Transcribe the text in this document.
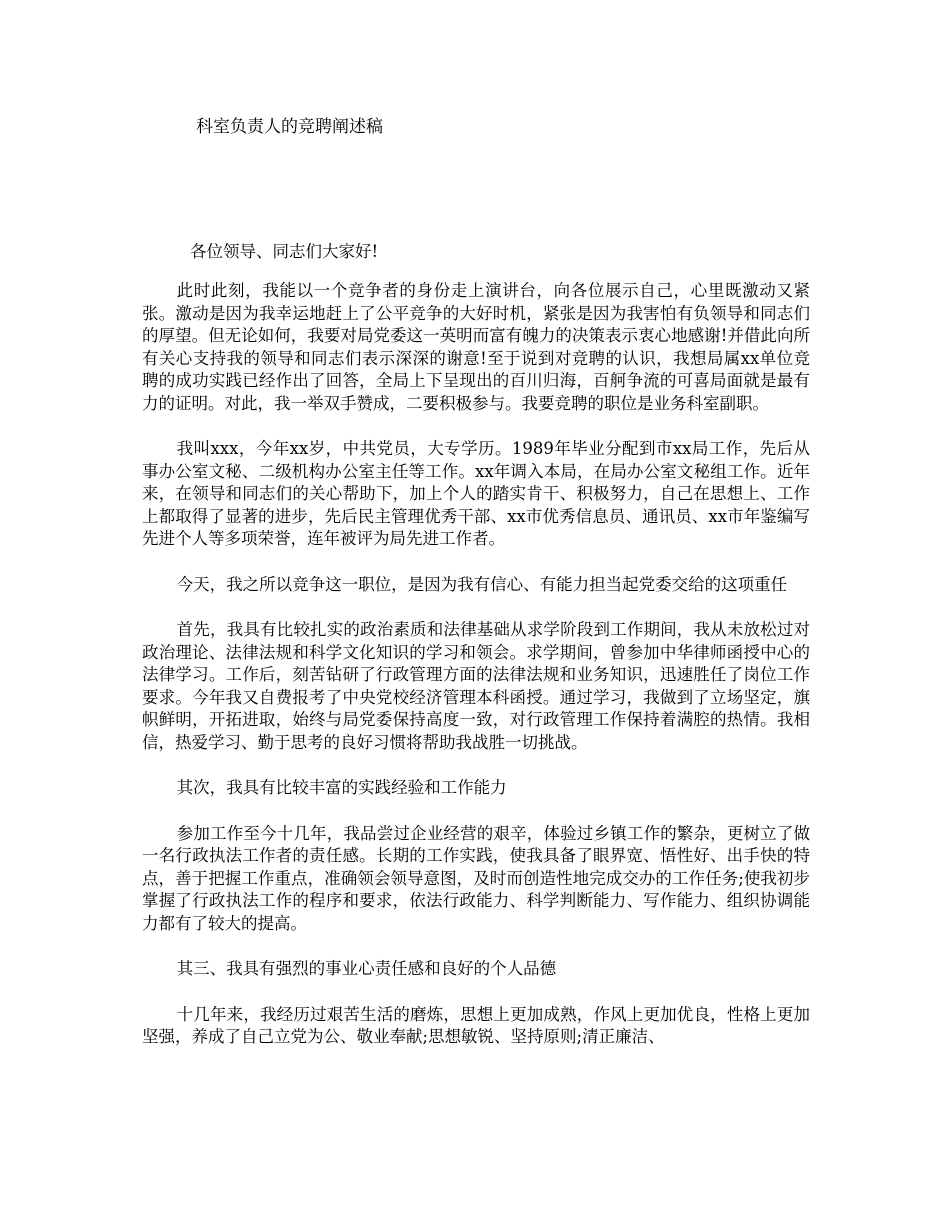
科室负责人的竞聘阐述稿
各位领导、同志们大家好!

此时此刻，我能以一个竞争者的身份走上演讲台，向各位展示自己，心里既激动又紧张。激动是因为我幸运地赶上了公平竞争的大好时机，紧张是因为我害怕有负领导和同志们的厚望。但无论如何，我要对局党委这一英明而富有魄力的决策表示衷心地感谢!并借此向所有关心支持我的领导和同志们表示深深的谢意!至于说到对竞聘的认识，我想局属xx单位竞聘的成功实践已经作出了回答，全局上下呈现出的百川归海，百舸争流的可喜局面就是最有力的证明。对此，我一举双手赞成，二要积极参与。我要竞聘的职位是业务科室副职。

我叫xxx，今年xx岁，中共党员，大专学历。1989年毕业分配到市xx局工作，先后从事办公室文秘、二级机构办公室主任等工作。xx年调入本局，在局办公室文秘组工作。近年来，在领导和同志们的关心帮助下，加上个人的踏实肯干、积极努力，自己在思想上、工作上都取得了显著的进步，先后民主管理优秀干部、xx市优秀信息员、通讯员、xx市年鉴编写先进个人等多项荣誉，连年被评为局先进工作者。

今天，我之所以竞争这一职位，是因为我有信心、有能力担当起党委交给的这项重任

首先，我具有比较扎实的政治素质和法律基础从求学阶段到工作期间，我从未放松过对政治理论、法律法规和科学文化知识的学习和领会。求学期间，曾参加中华律师函授中心的法律学习。工作后，刻苦钻研了行政管理方面的法律法规和业务知识，迅速胜任了岗位工作要求。今年我又自费报考了中央党校经济管理本科函授。通过学习，我做到了立场坚定，旗帜鲜明，开拓进取，始终与局党委保持高度一致，对行政管理工作保持着满腔的热情。我相信，热爱学习、勤于思考的良好习惯将帮助我战胜一切挑战。

其次，我具有比较丰富的实践经验和工作能力

参加工作至今十几年，我品尝过企业经营的艰辛，体验过乡镇工作的繁杂，更树立了做一名行政执法工作者的责任感。长期的工作实践，使我具备了眼界宽、悟性好、出手快的特点，善于把握工作重点，准确领会领导意图，及时而创造性地完成交办的工作任务;使我初步掌握了行政执法工作的程序和要求，依法行政能力、科学判断能力、写作能力、组织协调能力都有了较大的提高。

其三、我具有强烈的事业心责任感和良好的个人品德

十几年来，我经历过艰苦生活的磨炼，思想上更加成熟，作风上更加优良，性格上更加坚强，养成了自己立党为公、敬业奉献;思想敏锐、坚持原则;清正廉洁、
